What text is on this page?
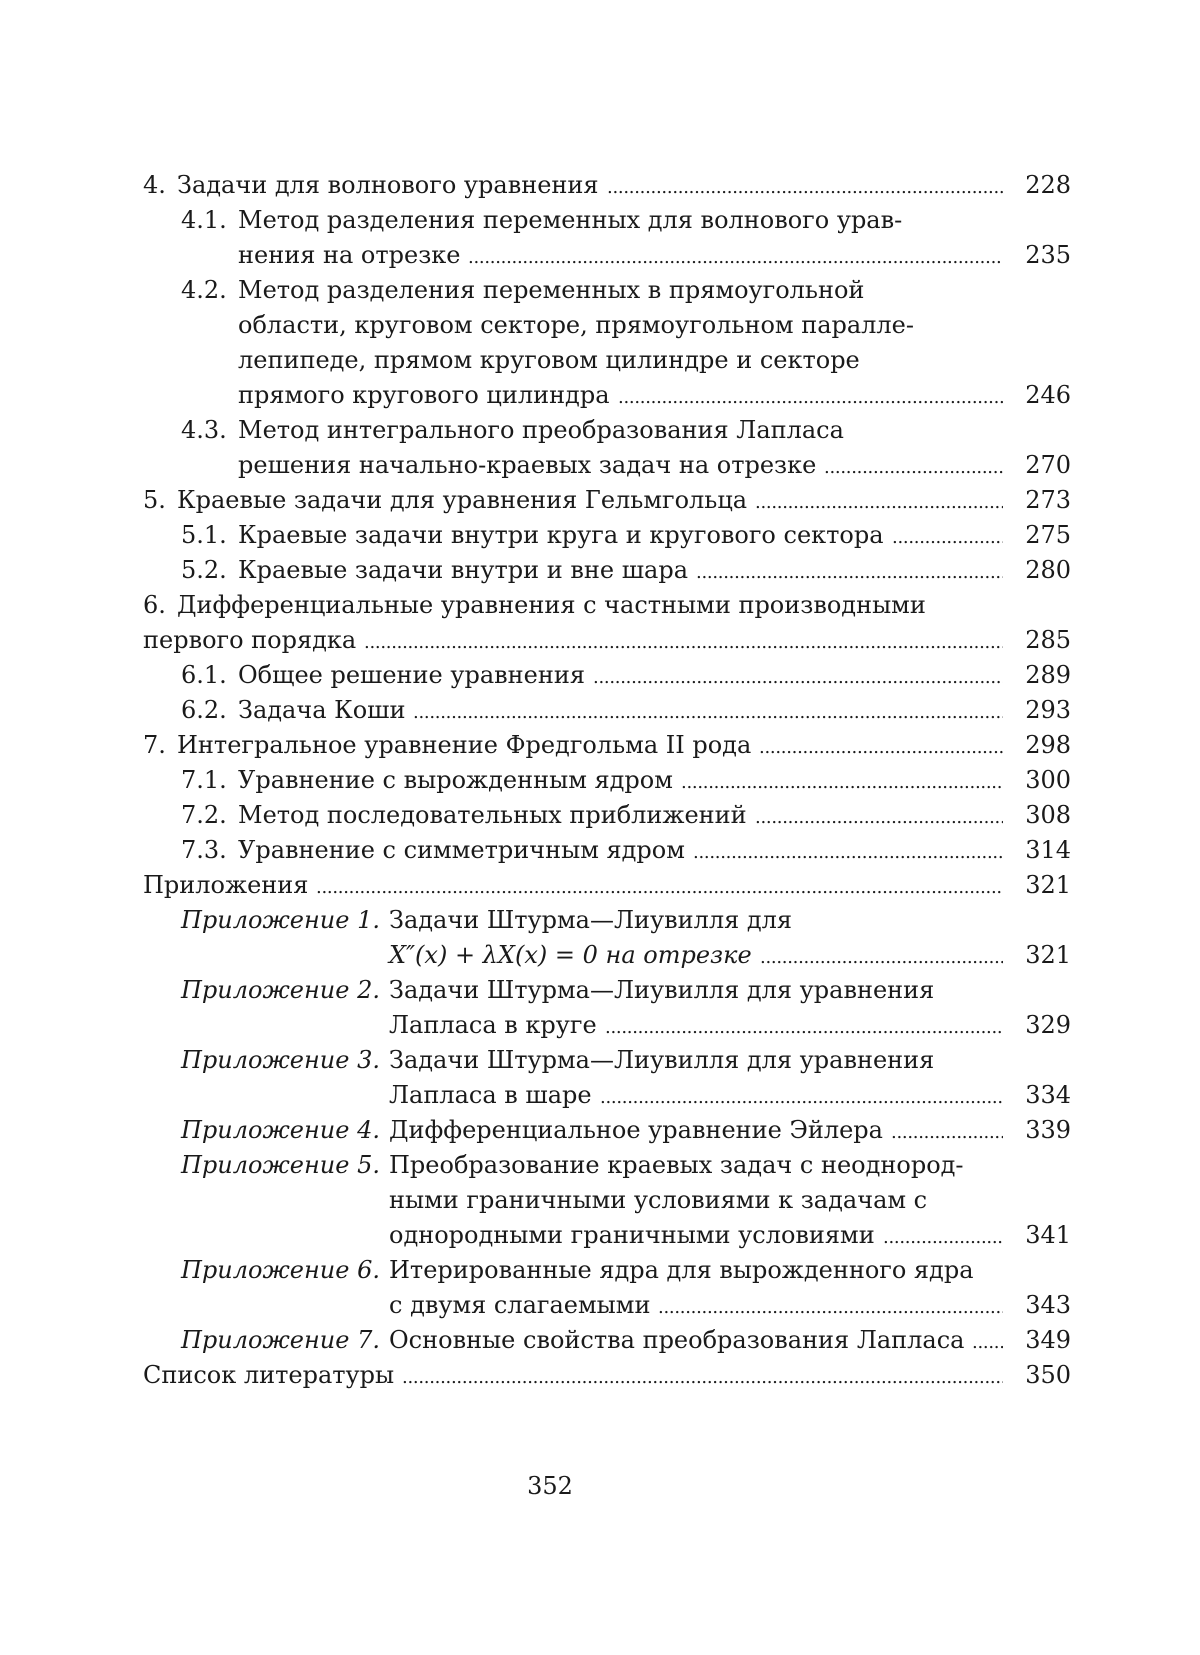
4. Задачи для волнового уравнения . . .	228
4.1. Метод разделения переменных для волнового урав-
нения на отрезке . . .	235
4.2. Метод разделения переменных в прямоугольной
области, круговом секторе, прямоугольном паралле-
лепипеде, прямом круговом цилиндре и секторе
прямого кругового цилиндра . . .	246
4.3. Метод интегрального преобразования Лапласа
решения начально-краевых задач на отрезке . . .	270
5. Краевые задачи для уравнения Гельмгольца . . .	273
5.1. Краевые задачи внутри круга и кругового сектора . . .	275
5.2. Краевые задачи внутри и вне шара . . .	280
6. Дифференциальные уравнения с частными производными
первого порядка . . .	285
6.1. Общее решение уравнения . . .	289
6.2. Задача Коши . . .	293
7. Интегральное уравнение Фредгольма II рода . . .	298
7.1. Уравнение с вырожденным ядром . . .	300
7.2. Метод последовательных приближений . . .	308
7.3. Уравнение с симметричным ядром . . .	314
Приложения . . .	321
Приложение 1. Задачи Штурма—Лиувилля для
X″(x) + λX(x) = 0 на отрезке . . .	321
Приложение 2. Задачи Штурма—Лиувилля для уравнения
Лапласа в круге . . .	329
Приложение 3. Задачи Штурма—Лиувилля для уравнения
Лапласа в шаре . . .	334
Приложение 4. Дифференциальное уравнение Эйлера . . .	339
Приложение 5. Преобразование краевых задач с неоднород-
ными граничными условиями к задачам с
однородными граничными условиями . . .	341
Приложение 6. Итерированные ядра для вырожденного ядра
с двумя слагаемыми . . .	343
Приложение 7. Основные свойства преобразования Лапласа . . .	349
Список литературы . . .	350
352
